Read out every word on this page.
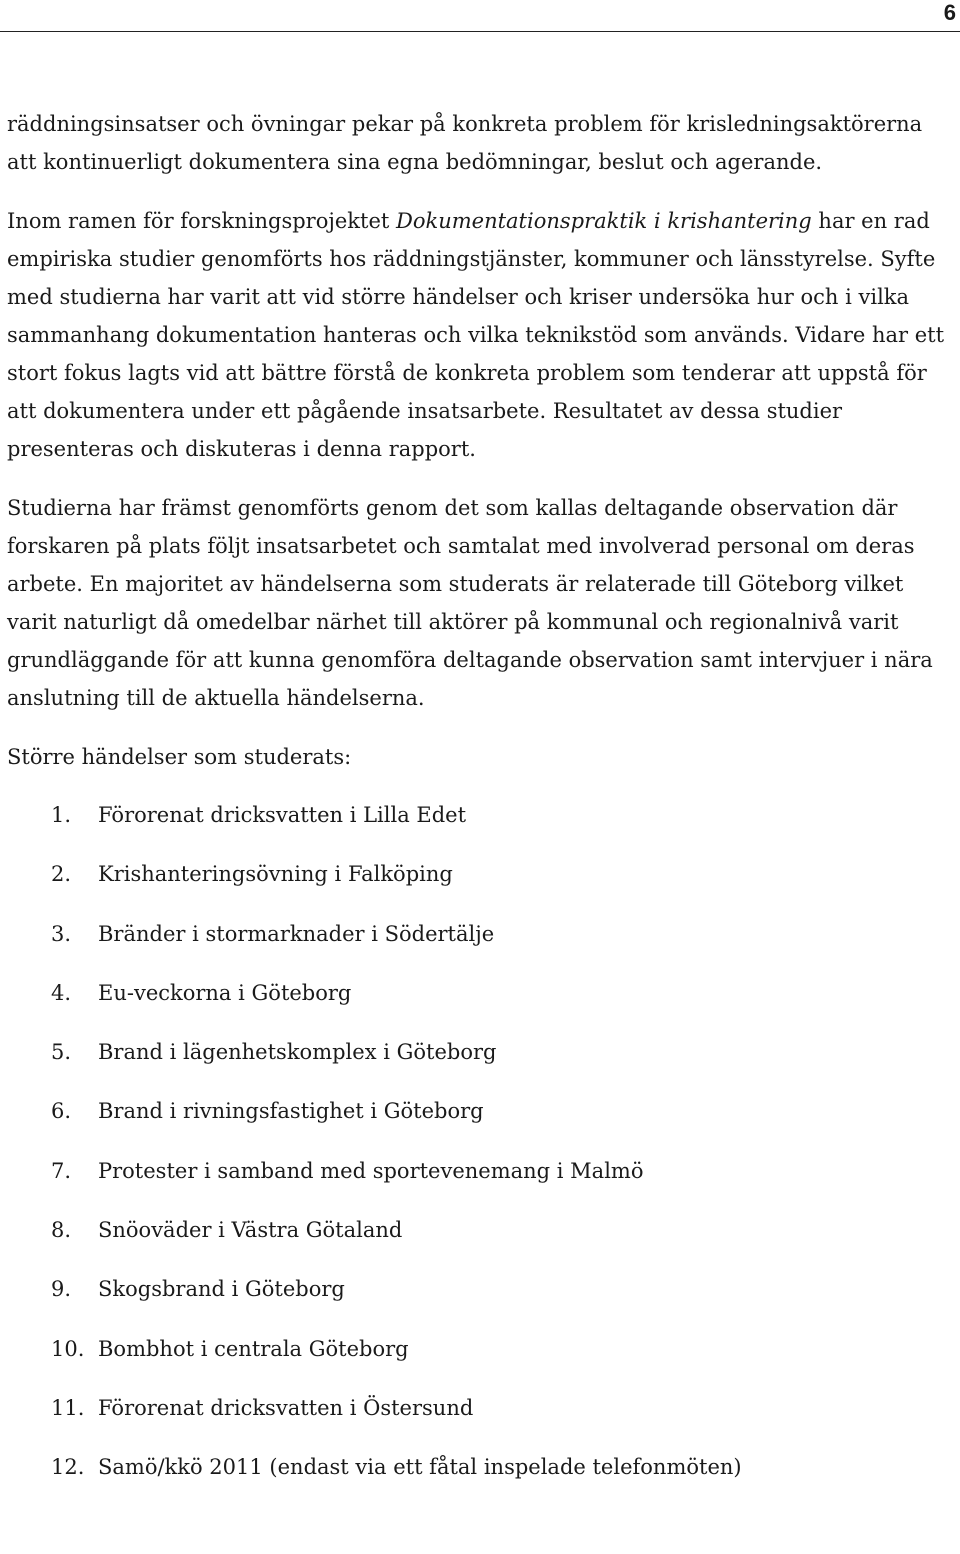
6

räddningsinsatser och övningar pekar på konkreta problem för krisledningsaktörerna att kontinuerligt dokumentera sina egna bedömningar, beslut och agerande.

Inom ramen för forskningsprojektet Dokumentationspraktik i krishantering har en rad empiriska studier genomförts hos räddningstjänster, kommuner och länsstyrelse. Syfte med studierna har varit att vid större händelser och kriser undersöka hur och i vilka sammanhang dokumentation hanteras och vilka teknikstöd som används. Vidare har ett stort fokus lagts vid att bättre förstå de konkreta problem som tenderar att uppstå för att dokumentera under ett pågående insatsarbete. Resultatet av dessa studier presenteras och diskuteras i denna rapport.

Studierna har främst genomförts genom det som kallas deltagande observation där forskaren på plats följt insatsarbetet och samtalat med involverad personal om deras arbete. En majoritet av händelserna som studerats är relaterade till Göteborg vilket varit naturligt då omedelbar närhet till aktörer på kommunal och regionalnivå varit grundläggande för att kunna genomföra deltagande observation samt intervjuer i nära anslutning till de aktuella händelserna.

Större händelser som studerats:

1.	Förorenat dricksvatten i Lilla Edet
2.	Krishanteringsövning i Falköping
3.	Bränder i stormarknader i Södertälje
4.	Eu-veckorna i Göteborg
5.	Brand i lägenhetskomplex i Göteborg
6.	Brand i rivningsfastighet i Göteborg
7.	Protester i samband med sportevenemang i Malmö
8.	Snöoväder i Västra Götaland
9.	Skogsbrand i Göteborg
10. Bombhot i centrala Göteborg
11. Förorenat dricksvatten i Östersund
12. Samö/kkö 2011 (endast via ett fåtal inspelade telefonmöten)
